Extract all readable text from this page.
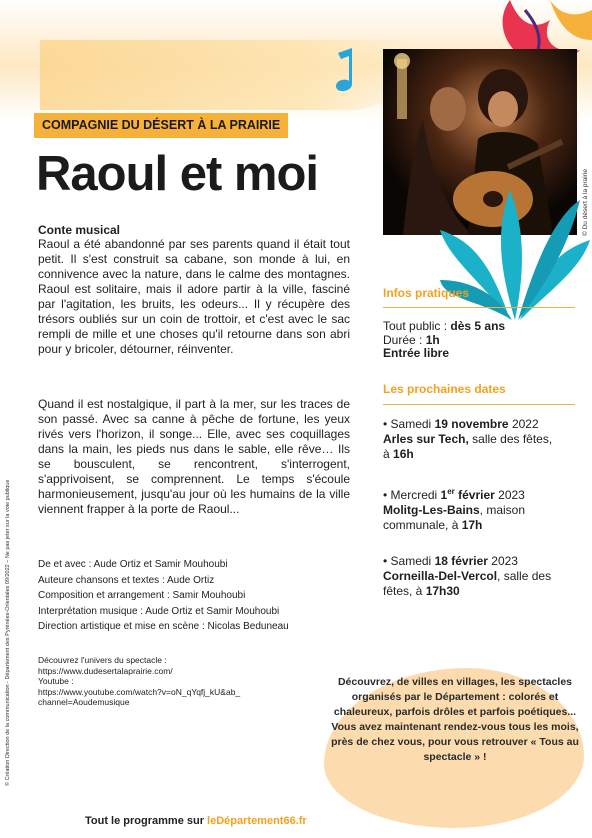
© Du désert à la prairie
COMPAGNIE DU DÉSERT À LA PRAIRIE
Raoul et moi
Conte musical
Raoul a été abandonné par ses parents quand il était tout petit. Il s'est construit sa cabane, son monde à lui, en connivence avec la nature, dans le calme des montagnes. Raoul est solitaire, mais il adore partir à la ville, fasciné par l'agitation, les bruits, les odeurs... Il y récupère des trésors oubliés sur un coin de trottoir, et c'est avec le sac rempli de mille et une choses qu'il retourne dans son abri pour y bricoler, détourner, réinventer.
Quand il est nostalgique, il part à la mer, sur les traces de son passé. Avec sa canne à pêche de fortune, les yeux rivés vers l'horizon, il songe... Elle, avec ses coquillages dans la main, les pieds nus dans le sable, elle rêve… Ils se bousculent, se rencontrent, s'interrogent, s'apprivoisent, se comprennent. Le temps s'écoule harmonieusement, jusqu'au jour où les humains de la ville viennent frapper à la porte de Raoul...
De et avec : Aude Ortiz et Samir Mouhoubi
Auteure chansons et textes : Aude Ortiz
Composition et arrangement : Samir Mouhoubi
Interprétation musique : Aude Ortiz et Samir Mouhoubi
Direction artistique et mise en scène : Nicolas Beduneau
Découvrez l'univers du spectacle :
https://www.dudesertalaprairie.com/
Youtube :
https://www.youtube.com/watch?v=oN_qYqfj_kU&ab_
channel=Aoudemusique
© Création Direction de la communication - Département des Pyrénées-Orientales 09/2022 – Ne pas jeter sur la voie publique
Infos pratiques
Tout public : dès 5 ans
Durée : 1h
Entrée libre
Les prochaines dates
• Samedi 19 novembre 2022
Arles sur Tech, salle des fêtes,
à 16h
• Mercredi 1er février 2023
Molitg-Les-Bains, maison communale, à 17h
• Samedi 18 février 2023
Corneilla-Del-Vercol, salle des fêtes, à 17h30
Découvrez, de villes en villages, les spectacles organisés par le Département : colorés et chaleureux, parfois drôles et parfois poétiques... Vous avez maintenant rendez-vous tous les mois, près de chez vous, pour vous retrouver « Tous au spectacle » !
Tout le programme sur leDépartement66.fr
